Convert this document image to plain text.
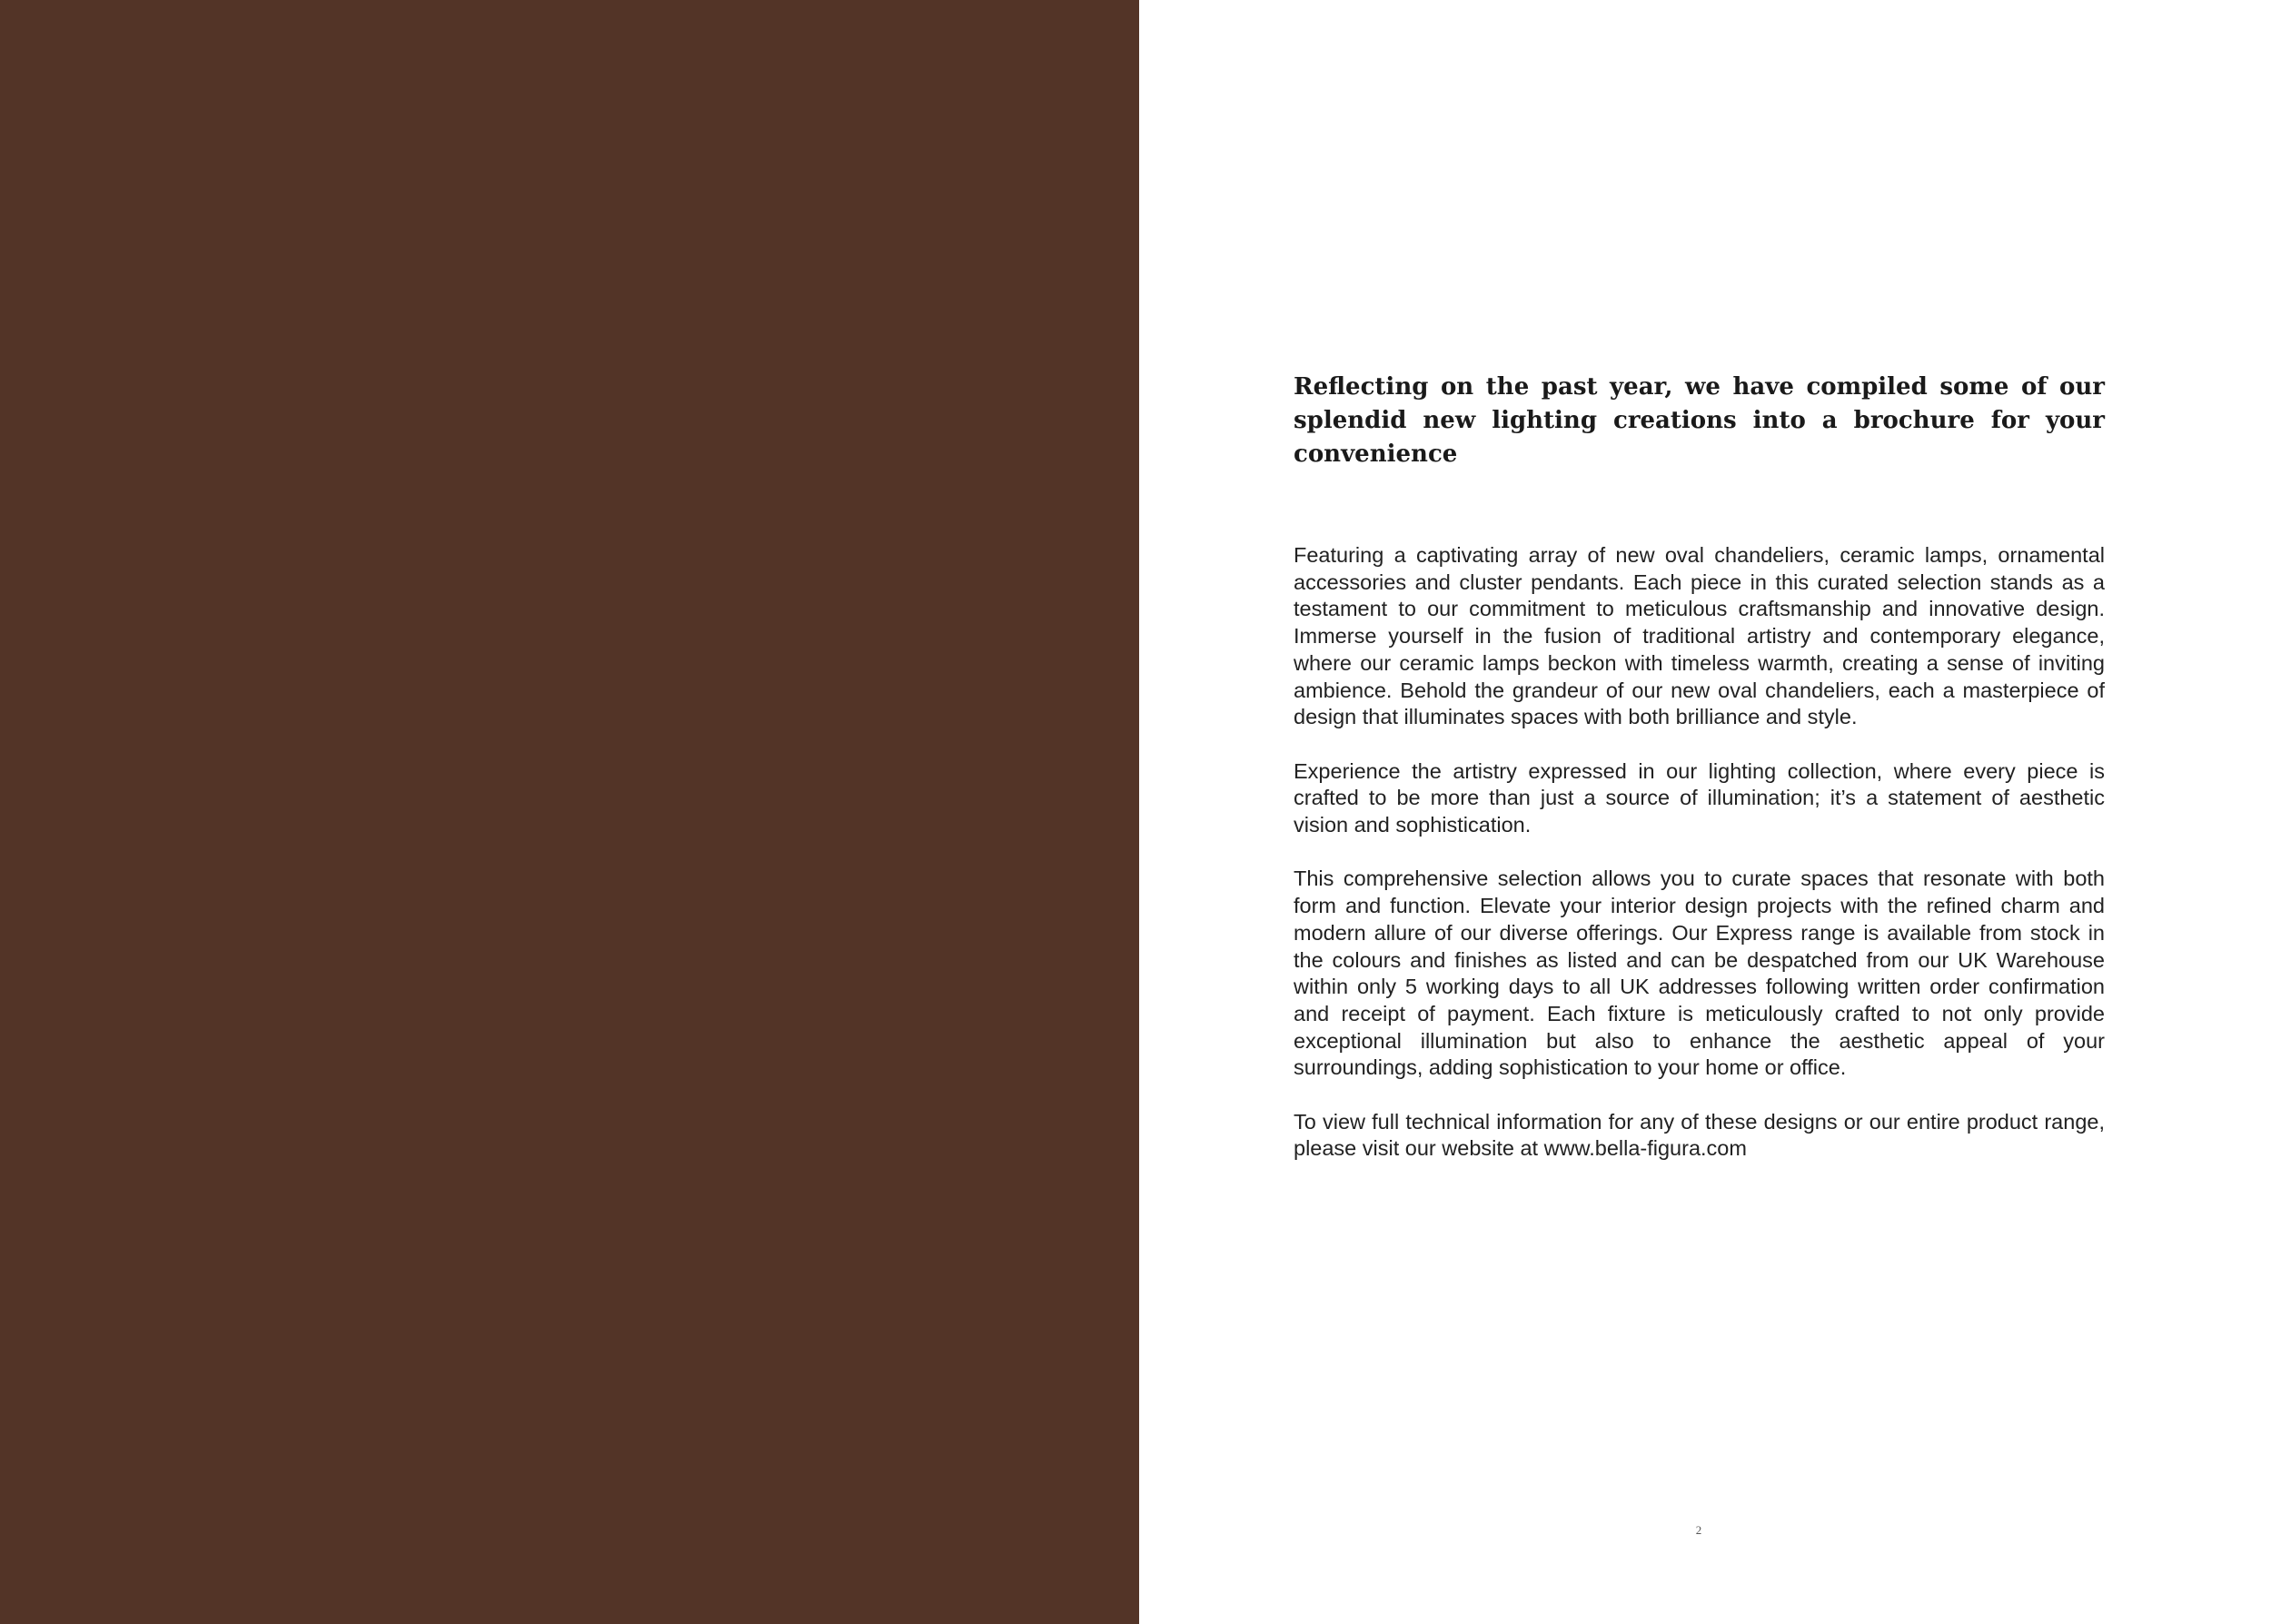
Reflecting on the past year, we have compiled some of our splendid new lighting creations into a brochure for your convenience

Featuring a captivating array of new oval chandeliers, ceramic lamps, ornamental accessories and cluster pendants. Each piece in this curated selection stands as a testament to our commitment to meticulous craftsmanship and innovative design. Immerse yourself in the fusion of traditional artistry and contemporary elegance, where our ceramic lamps beckon with timeless warmth, creating a sense of inviting ambience. Behold the grandeur of our new oval chandeliers, each a masterpiece of design that illuminates spaces with both brilliance and style.

Experience the artistry expressed in our lighting collection, where every piece is crafted to be more than just a source of illumination; it’s a statement of aesthetic vision and sophistication.

This comprehensive selection allows you to curate spaces that resonate with both form and function. Elevate your interior design projects with the refined charm and modern allure of our diverse offerings. Our Express range is available from stock in the colours and finishes as listed and can be despatched from our UK Warehouse within only 5 working days to all UK addresses following written order confirmation and receipt of payment. Each fixture is meticulously crafted to not only provide exceptional illumination but also to enhance the aesthetic appeal of your surroundings, adding sophistication to your home or office.

To view full technical information for any of these designs or our entire product range, please visit our website at www.bella-figura.com

2
